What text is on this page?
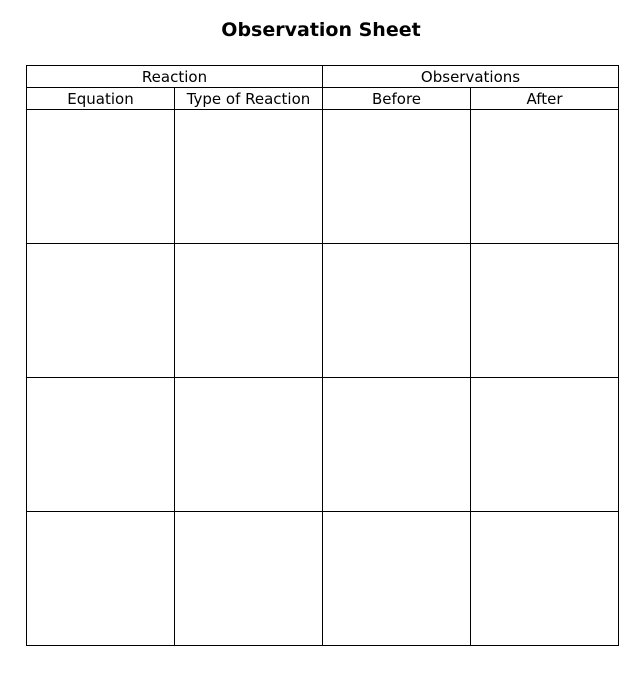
Observation Sheet
Reaction		Observations	
Equation	Type of Reaction	Before	After
